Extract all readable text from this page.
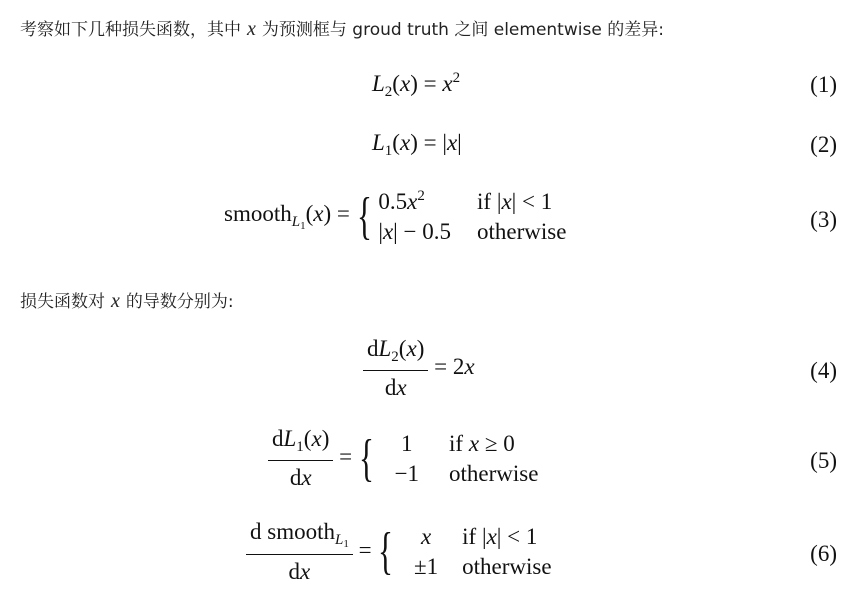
考察如下几种损失函数，其中 x 为预测框与 groud truth 之间 elementwise 的差异:
$L_2(x) = x^2$	(1)
$L_1(x) = |x|$	(2)
smooth$_{L_1}$(x) = { $0.5x^2$	if |x| < 1
|x| − 0.5	otherwise	(3)
损失函数对 x 的导数分别为:
$\frac{dL_2(x)}{dx} = 2x$	(4)
$\frac{dL_1(x)}{dx}$ = { 1	if x ≥ 0
−1	otherwise	(5)
$\frac{d smooth_{L_1}}{dx}$ = { x	if |x| < 1
±1	otherwise
(6)
